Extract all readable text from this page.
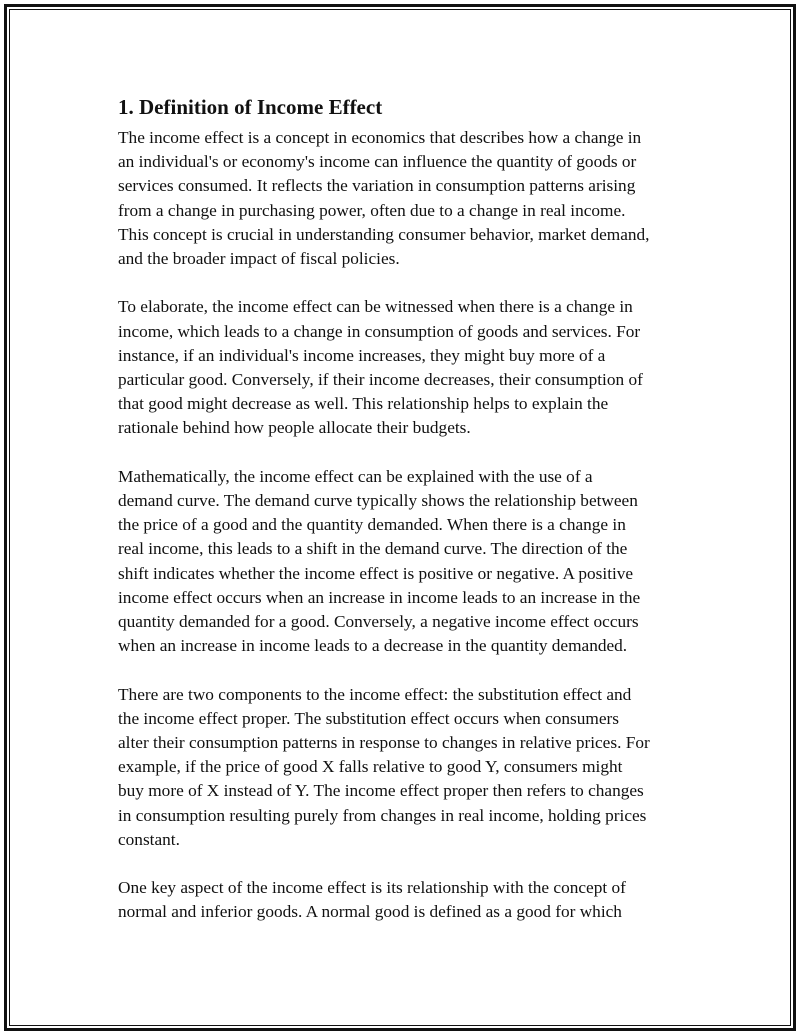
1. Definition of Income Effect

The income effect is a concept in economics that describes how a change in
an individual's or economy's income can influence the quantity of goods or
services consumed. It reflects the variation in consumption patterns arising
from a change in purchasing power, often due to a change in real income.
This concept is crucial in understanding consumer behavior, market demand,
and the broader impact of fiscal policies.

To elaborate, the income effect can be witnessed when there is a change in
income, which leads to a change in consumption of goods and services. For
instance, if an individual's income increases, they might buy more of a
particular good. Conversely, if their income decreases, their consumption of
that good might decrease as well. This relationship helps to explain the
rationale behind how people allocate their budgets.

Mathematically, the income effect can be explained with the use of a
demand curve. The demand curve typically shows the relationship between
the price of a good and the quantity demanded. When there is a change in
real income, this leads to a shift in the demand curve. The direction of the
shift indicates whether the income effect is positive or negative. A positive
income effect occurs when an increase in income leads to an increase in the
quantity demanded for a good. Conversely, a negative income effect occurs
when an increase in income leads to a decrease in the quantity demanded.

There are two components to the income effect: the substitution effect and
the income effect proper. The substitution effect occurs when consumers
alter their consumption patterns in response to changes in relative prices. For
example, if the price of good X falls relative to good Y, consumers might
buy more of X instead of Y. The income effect proper then refers to changes
in consumption resulting purely from changes in real income, holding prices
constant.

One key aspect of the income effect is its relationship with the concept of
normal and inferior goods. A normal good is defined as a good for which
